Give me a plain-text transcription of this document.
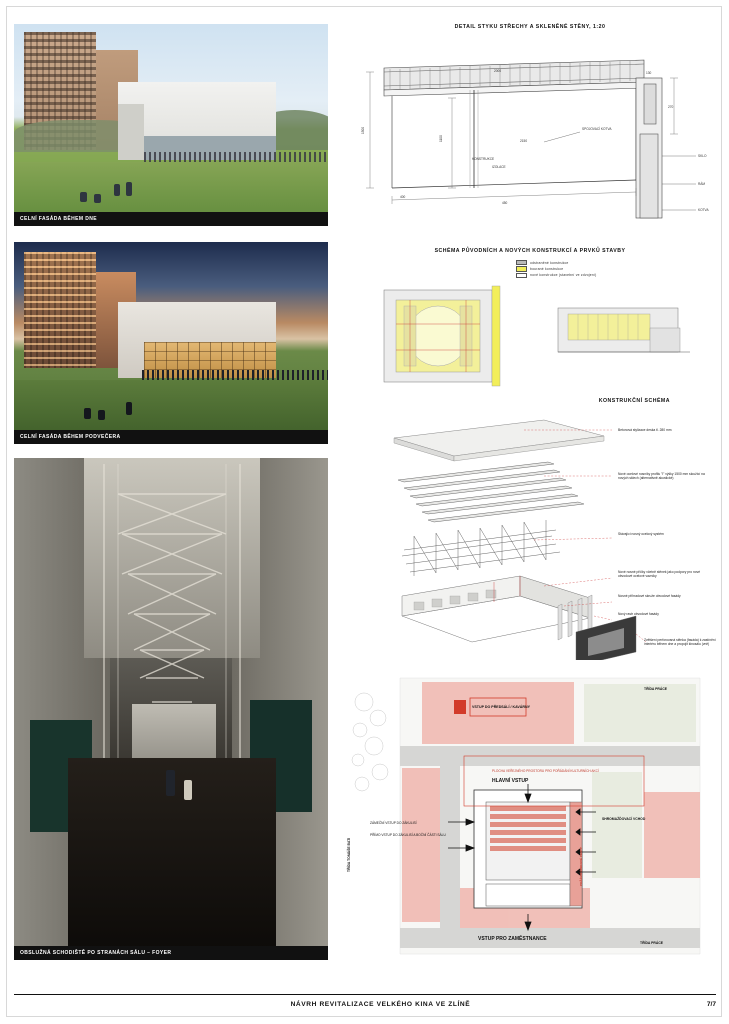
CELNÍ FASÁDA BĚHEM DNE
CELNÍ FASÁDA BĚHEM PODVEČERA
OBSLUŽNÁ SCHODIŠTĚ PO STRANÁCH SÁLU – FOYER
DETAIL STYKU STŘECHY A SKLENĚNÉ STĚNY, 1:20
2000
2150
1500
1100
450
400
130
270
SPOJOVACÍ KOTVA
KONSTRUKCE
IZOLACE
SKLO
RÁM
KOTVA
SCHÉMA PŮVODNÍCH A NOVÝCH KONSTRUKCÍ A PRVKŮ STAVBY
odstraněné konstrukce
bourané konstrukce
nové konstrukce (stavební ve zdvojení)
KONSTRUKČNÍ SCHÉMA
Betonová stylizace deska tl. 280 mm
Nové ocelové nosníky profilu "I" výšky 1500 mm sloužící na nových sklech (alternativně akustické)
Stávající nosný ocelový systém
Nové nosné příčky včetně stěnek jako podpory pro nové obvodové ocelové vazníky
Nosné příhradové skruže obvodové fasády
Nový rastr obvodové fasády
Zvětšení perforovaná stěnka (fasáda) k zastínění interiéru během dne a propojit kinosálu (vně)
VSTUP DO PŘEDSÁLÍ / KAVÁRNY
PLOCHA VEŘEJNÉHO PROSTORU PRO POŘÁDÁNÍ KULTURNÍCH AKCÍ
HLAVNÍ VSTUP
VSTUP PRO ZAMĚSTNANCE
ZÁMEČNÍ VSTUP DO ZÁKULISÍ
PŘÍMO VSTUP DO ZÁKULISÍ A BOČNÍ ČÁSTI SÁLU
SHROMAŽĎOVACÍ VCHOD
POŽÁRNÍ ÚNIKOVÉ CESTY
TŘÍDA TOMÁŠE BATI
TŘÍDA PRÁCE
TŘÍDA PRÁCE
NÁVRH REVITALIZACE VELKÉHO KINA VE ZLÍNĚ	7/7
